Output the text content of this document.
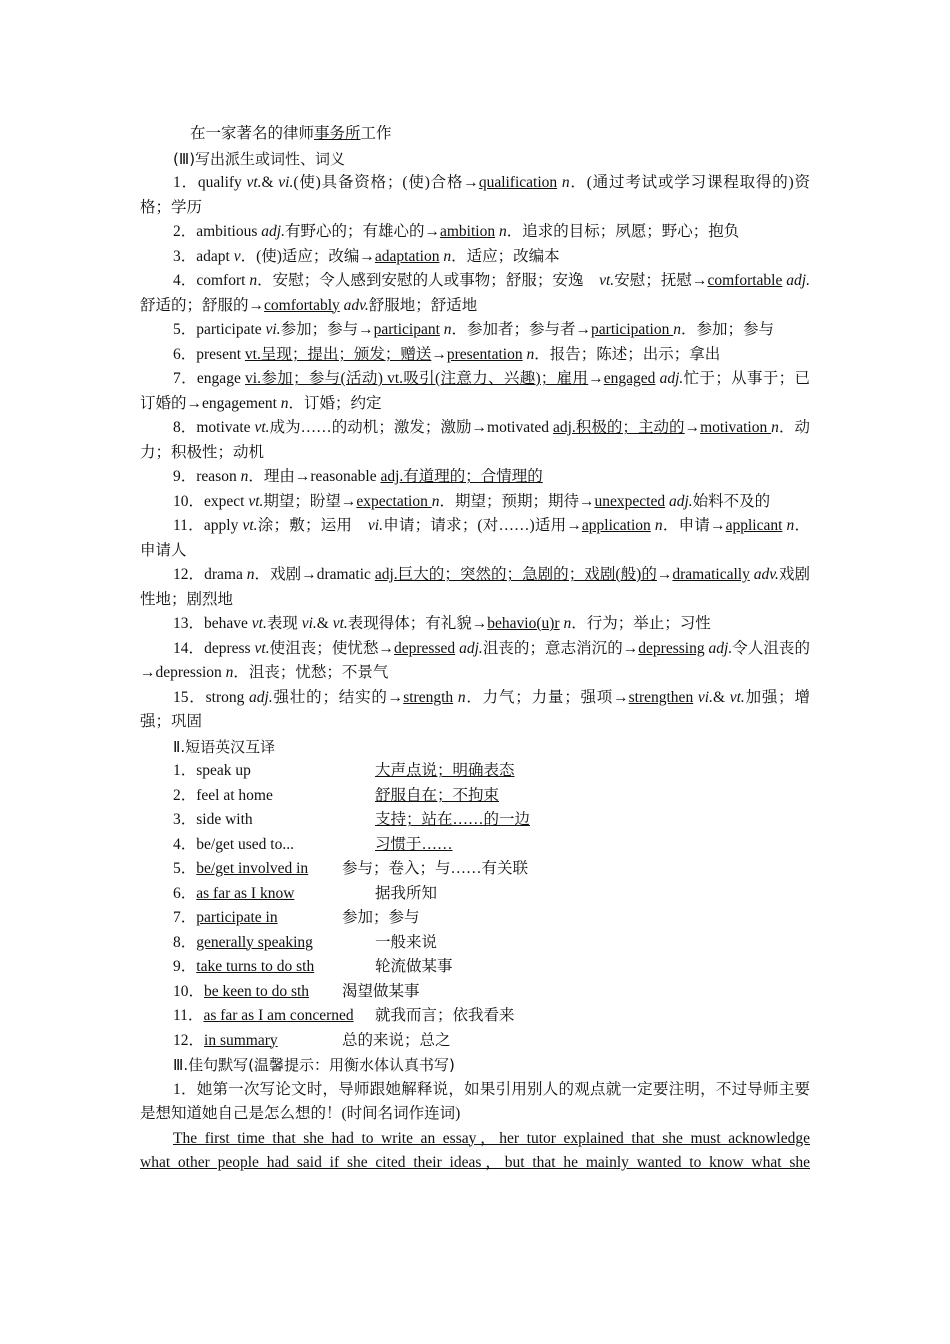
在一家著名的律师事务所工作
(Ⅲ)写出派生或词性、词义
1．qualify vt.& vi.(使)具备资格；(使)合格→qualification n．(通过考试或学习课程取得的)资格；学历
2．ambitious adj.有野心的；有雄心的→ambition n．追求的目标；夙愿；野心；抱负
3．adapt v．(使)适应；改编→adaptation n．适应；改编本
4．comfort n．安慰；令人感到安慰的人或事物；舒服；安逸　vt.安慰；抚慰→comfortable adj.舒适的；舒服的→comfortably adv.舒服地；舒适地
5．participate vi.参加；参与→participant n．参加者；参与者→participation n．参加；参与
6．present vt.呈现；提出；颁发；赠送→presentation n．报告；陈述；出示；拿出
7．engage vi.参加；参与(活动) vt.吸引(注意力、兴趣)；雇用→engaged adj.忙于；从事于；已订婚的→engagement n．订婚；约定
8．motivate vt.成为……的动机；激发；激励→motivated adj.积极的；主动的→motivation n．动力；积极性；动机
9．reason n．理由→reasonable adj.有道理的；合情理的
10．expect vt.期望；盼望→expectation n．期望；预期；期待→unexpected adj.始料不及的
11．apply vt.涂；敷；运用　vi.申请；请求；(对……)适用→application n．申请→applicant n．申请人
12．drama n．戏剧→dramatic adj.巨大的；突然的；急剧的；戏剧(般)的→dramatically adv.戏剧性地；剧烈地
13．behave vt.表现 vi.& vt.表现得体；有礼貌→behavio(u)r n．行为；举止；习性
14．depress vt.使沮丧；使忧愁→depressed adj.沮丧的；意志消沉的→depressing adj.令人沮丧的→depression n．沮丧；忧愁；不景气
15．strong adj.强壮的；结实的→strength n．力气；力量；强项→strengthen vi.& vt.加强；增强；巩固
Ⅱ.短语英汉互译
1．speak up	大声点说；明确表态
2．feel at home	舒服自在；不拘束
3．side with	支持；站在……的一边
4．be/get used to...	习惯于……
5．be/get involved in	参与；卷入；与……有关联
6．as far as I know	据我所知
7．participate in	参加；参与
8．generally speaking	一般来说
9．take turns to do sth	轮流做某事
10．be keen to do sth	渴望做某事
11．as far as I am concerned	就我而言；依我看来
12．in summary	总的来说；总之
Ⅲ.佳句默写(温馨提示：用衡水体认真书写)
1．她第一次写论文时，导师跟她解释说，如果引用别人的观点就一定要注明，不过导师主要是想知道她自己是怎么想的！(时间名词作连词)
The first time that she had to write an essay，her tutor explained that she must acknowledge
what other people had said if she cited their ideas，but that he mainly wanted to know what she
